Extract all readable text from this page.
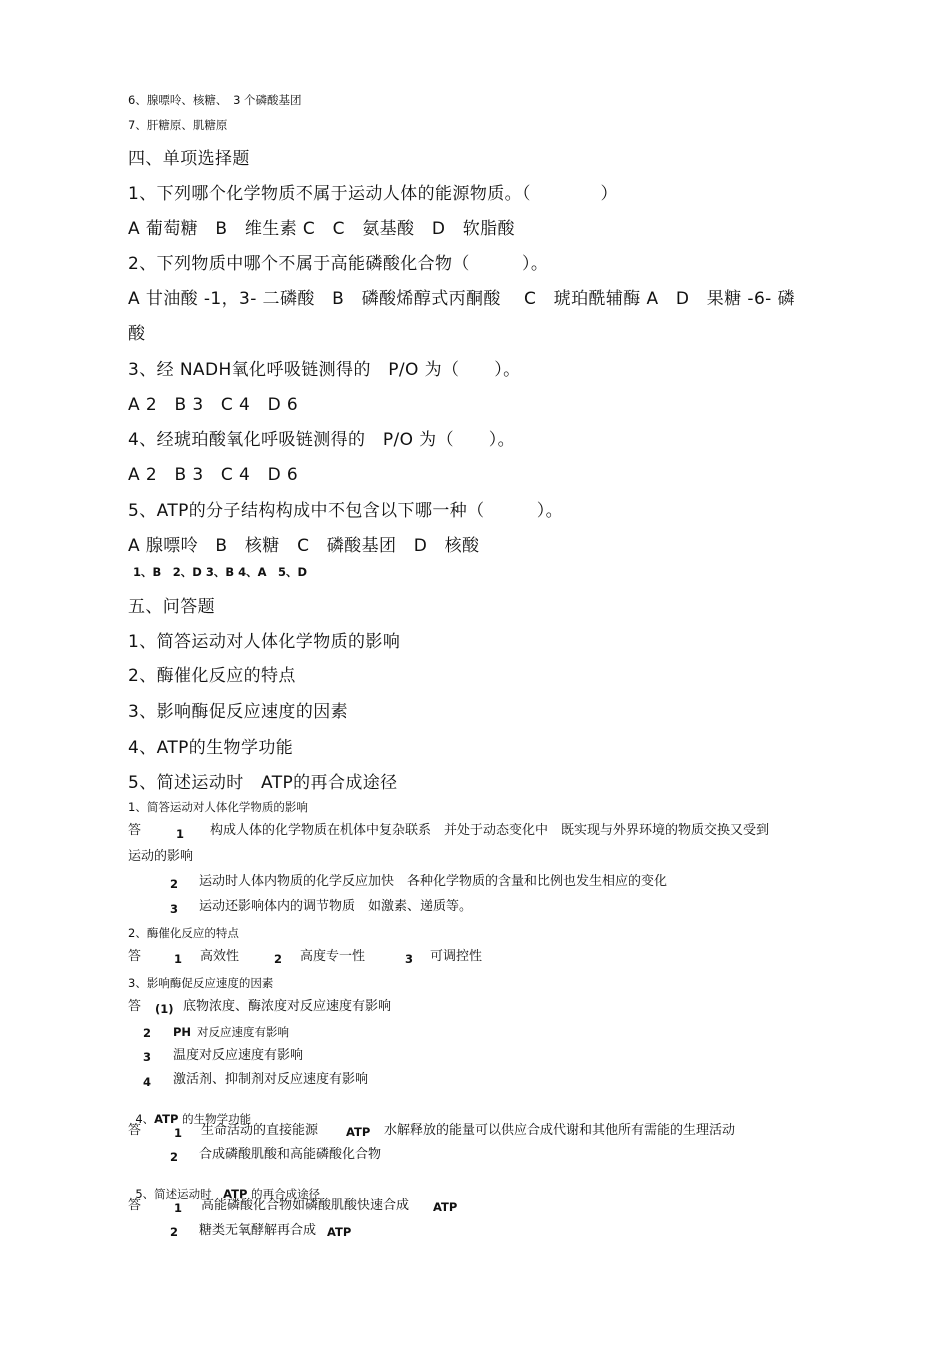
6、腺嘌呤、核糖、　3 个磷酸基团
7、肝糖原、肌糖原
四、单项选择题
1、下列哪个化学物质不属于运动人体的能源物质。（　　　　）
A 葡萄糖　B　维生素 C　C　氨基酸　D　软脂酸
2、下列物质中哪个不属于高能磷酸化合物（　　　）。
A 甘油酸 -1，3- 二磷酸　B　磷酸烯醇式丙酮酸　 C　琥珀酰辅酶 A　D　果糖 -6- 磷
酸
3、经 NADH氧化呼吸链测得的　P/O 为（　　）。
A 2　B 3　C 4　D 6
4、经琥珀酸氧化呼吸链测得的　P/O 为（　　）。
A 2　B 3　C 4　D 6
5、ATP的分子结构构成中不包含以下哪一种（　　　）。
A 腺嘌呤　B　核糖　C　磷酸基团　D　核酸
1、B　2、D 3、B 4、A　5、D
五、问答题
1、简答运动对人体化学物质的影响
2、酶催化反应的特点
3、影响酶促反应速度的因素
4、ATP的生物学功能
5、简述运动时　ATP的再合成途径
1、简答运动对人体化学物质的影响
答	1 构成人体的化学物质在机体中复杂联系　并处于动态变化中　既实现与外界环境的物质交换又受到
运动的影响
2 运动时人体内物质的化学反应加快　各种化学物质的含量和比例也发生相应的变化
3 运动还影响体内的调节物质　如激素、递质等。
2、酶催化反应的特点
答	1 高效性	2 高度专一性	3 可调控性
3、影响酶促反应速度的因素
答 (1) 底物浓度、酶浓度对反应速度有影响
2 PH 对反应速度有影响
3 温度对反应速度有影响
4 激活剂、抑制剂对反应速度有影响

4、ATP 的生物学功能

答	1 生命活动的直接能源 ATP 水解释放的能量可以供应合成代谢和其他所有需能的生理活动
2 合成磷酸肌酸和高能磷酸化合物

5、简述运动时　 ATP 的再合成途径

答	1 高能磷酸化合物如磷酸肌酸快速合成 ATP
2 糖类无氧酵解再合成 ATP
